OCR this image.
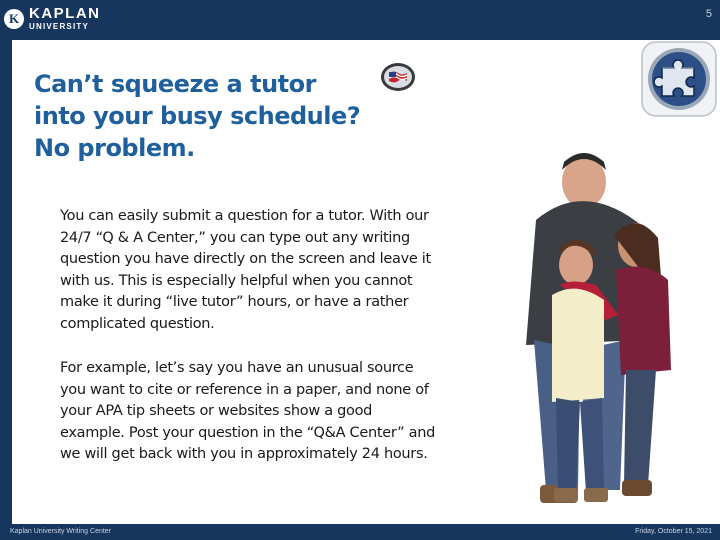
K KAPLAN
UNIVERSITY
5
Can’t squeeze a tutor
into your busy schedule?
No problem.
You can easily submit a question for a tutor. With our 24/7 “Q & A Center,” you can type out any writing question you have directly on the screen and leave it with us. This is especially helpful when you cannot make it during “live tutor” hours, or have a rather complicated question.
For example, let’s say you have an unusual source you want to cite or reference in a paper, and none of your APA tip sheets or websites show a good example. Post your question in the “Q&A Center” and we will get back with you in approximately 24 hours.
Kaplan University Writing Center	Friday, October 15, 2021
